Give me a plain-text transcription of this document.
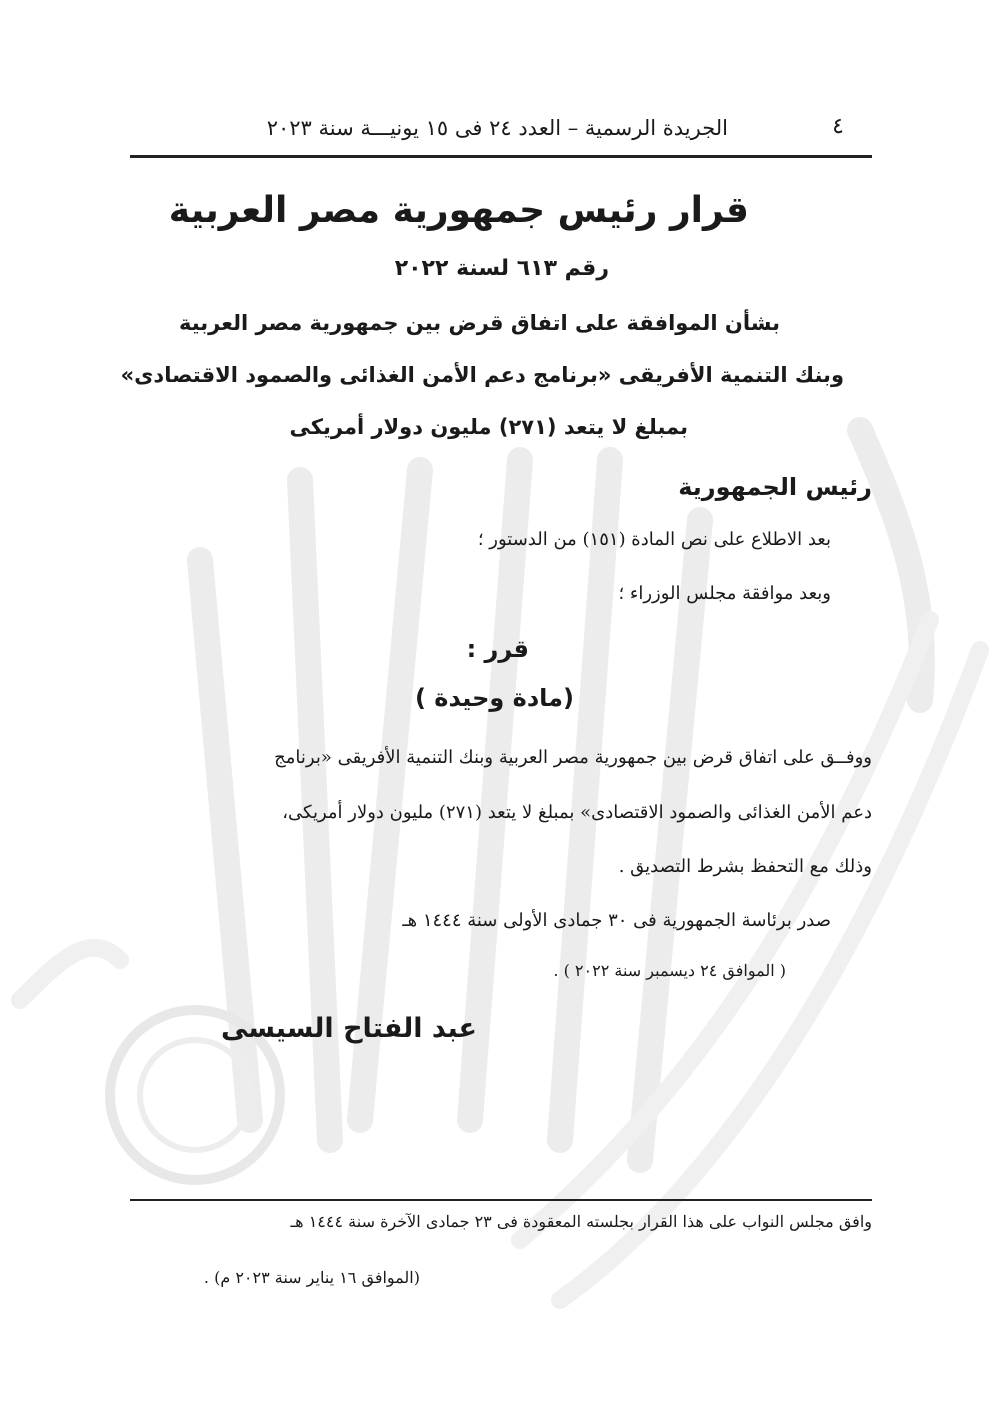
٤
الجريدة الرسمية – العدد ٢٤ فى ١٥ يونيـــة سنة ٢٠٢٣
قرار رئيس جمهورية مصر العربية
رقم ٦١٣ لسنة ٢٠٢٢
بشأن الموافقة على اتفاق قرض بين جمهورية مصر العربية
وبنك التنمية الأفريقى «برنامج دعم الأمن الغذائى والصمود الاقتصادى»
بمبلغ لا يتعد (٢٧١) مليون دولار أمريكى
رئيس الجمهورية
بعد الاطلاع على نص المادة (١٥١) من الدستور ؛
وبعد موافقة مجلس الوزراء ؛
قرر :
(مادة وحيدة )
ووفــق على اتفاق قرض بين جمهورية مصر العربية وبنك التنمية الأفريقى «برنامج
دعم الأمن الغذائى والصمود الاقتصادى» بمبلغ لا يتعد (٢٧١) مليون دولار أمريكى،
وذلك مع التحفظ بشرط التصديق .
صدر برئاسة الجمهورية فى ٣٠ جمادى الأولى سنة ١٤٤٤ هـ
( الموافق ٢٤ ديسمبر سنة ٢٠٢٢ ) .
عبد الفتاح السيسى
وافق مجلس النواب على هذا القرار بجلسته المعقودة فى ٢٣ جمادى الآخرة سنة ١٤٤٤ هـ
(الموافق ١٦ يناير سنة ٢٠٢٣ م) .
